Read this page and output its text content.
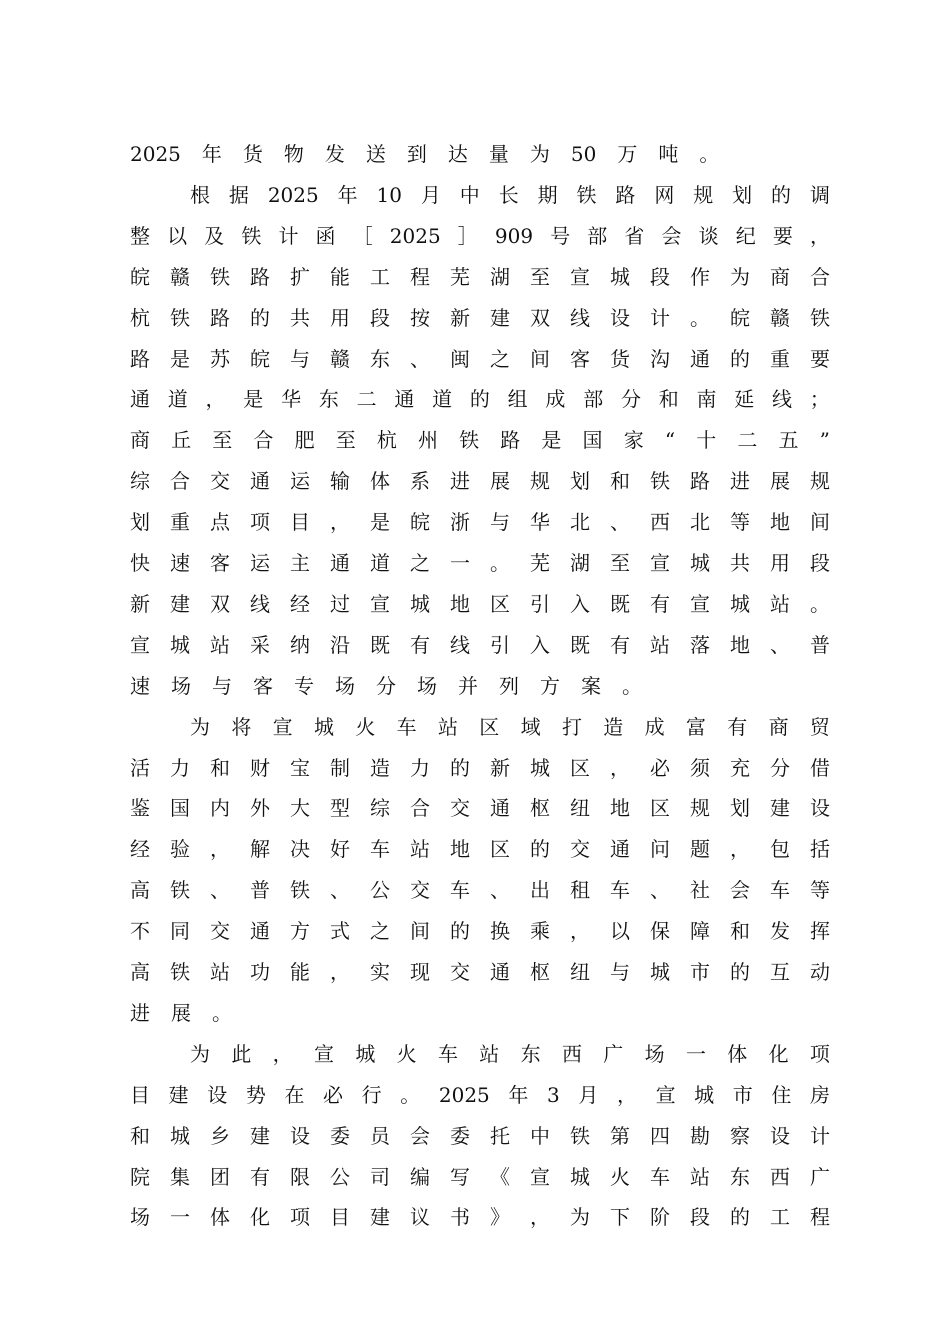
2025 年 货 物 发 送 到 达 量 为 50 万 吨 。
根 据 2025 年 10 月 中 长 期 铁 路 网 规 划 的 调
整 以 及 铁 计 函 ［ 2025 ］ 909 号 部 省 会 谈 纪 要 ，
皖 赣 铁 路 扩 能 工 程 芜 湖 至 宣 城 段 作 为 商 合
杭 铁 路 的 共 用 段 按 新 建 双 线 设 计 。 皖 赣 铁
路 是 苏 皖 与 赣 东 、 闽 之 间 客 货 沟 通 的 重 要
通 道 ， 是 华 东 二 通 道 的 组 成 部 分 和 南 延 线 ；
商 丘 至 合 肥 至 杭 州 铁 路 是 国 家 “ 十 二 五 ”
综 合 交 通 运 输 体 系 进 展 规 划 和 铁 路 进 展 规
划 重 点 项 目 ， 是 皖 浙 与 华 北 、 西 北 等 地 间
快 速 客 运 主 通 道 之 一 。 芜 湖 至 宣 城 共 用 段
新 建 双 线 经 过 宣 城 地 区 引 入 既 有 宣 城 站 。
宣 城 站 采 纳 沿 既 有 线 引 入 既 有 站 落 地 、 普
速 场 与 客 专 场 分 场 并 列 方 案 。
为 将 宣 城 火 车 站 区 域 打 造 成 富 有 商 贸
活 力 和 财 宝 制 造 力 的 新 城 区 ， 必 须 充 分 借
鉴 国 内 外 大 型 综 合 交 通 枢 纽 地 区 规 划 建 设
经 验 ， 解 决 好 车 站 地 区 的 交 通 问 题 ， 包 括
高 铁 、 普 铁 、 公 交 车 、 出 租 车 、 社 会 车 等
不 同 交 通 方 式 之 间 的 换 乘 ， 以 保 障 和 发 挥
高 铁 站 功 能 ， 实 现 交 通 枢 纽 与 城 市 的 互 动
进 展 。
为 此 ， 宣 城 火 车 站 东 西 广 场 一 体 化 项
目 建 设 势 在 必 行 。 2025 年 3 月 ， 宣 城 市 住 房
和 城 乡 建 设 委 员 会 委 托 中 铁 第 四 勘 察 设 计
院 集 团 有 限 公 司 编 写 《 宣 城 火 车 站 东 西 广
场 一 体 化 项 目 建 议 书 》 ， 为 下 阶 段 的 工 程
